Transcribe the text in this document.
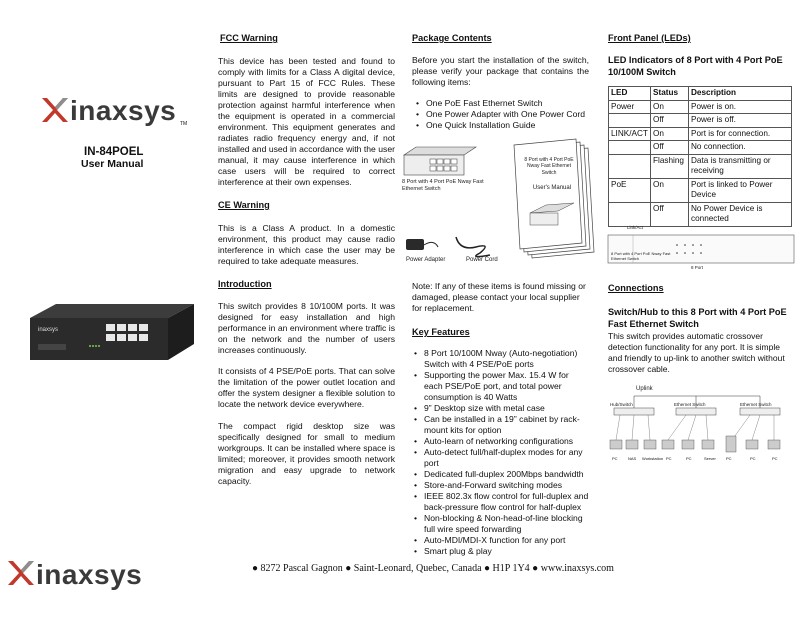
inaxsys TM
IN-84POEL
User Manual
inaxsys
FCC Warning

This device has been tested and found to comply with limits for a Class A digital device, pursuant to Part 15 of FCC Rules. These limits are designed to provide reasonable protection against harmful interference when the equipment is operated in a commercial environment. This equipment generates and radiates radio frequency energy and, if not installed and used in accordance with the user manual, it may cause interference in which case users will be required to correct interference at their own expenses.

CE Warning

This is a Class A product. In a domestic environment, this product may cause radio interference in which case the user may be required to take adequate measures.

Introduction

This switch provides 8 10/100M ports. It was designed for easy installation and high performance in an environment where traffic is on the network and the number of users increases continuously.

It consists of 4 PSE/PoE ports. That can solve the limitation of the power outlet location and offer the system designer a flexible solution to locate the network device everywhere.

The compact rigid desktop size was specifically designed for small to medium workgroups. It can be installed where space is limited; moreover, it provides smooth network migration and easy upgrade to network capacity.

Package Contents

Before you start the installation of the switch, please verify your package that contains the following items:

• One PoE Fast Ethernet Switch
• One Power Adapter with One Power Cord
• One Quick Installation Guide
8 Port with 4 Port PoE Nway Fast Ethernet Switch
8 Port with 4 Port PoE Nway Fast Ethernet Switch
User's Manual
Power Adapter	Power Cord

Note: If any of these items is found missing or damaged, please contact your local supplier for replacement.

Key Features
• 8 Port 10/100M Nway (Auto-negotiation) Switch with 4 PSE/PoE ports
• Supporting the power Max. 15.4 W for each PSE/PoE port, and total power consumption is 40 Watts
• 9” Desktop size with metal case
• Can be installed in a 19” cabinet by rack-mount kits for option
• Auto-learn of networking configurations
• Auto-detect full/half-duplex modes for any port
• Dedicated full-duplex 200Mbps bandwidth
• Store-and-Forward switching modes
• IEEE 802.3x flow control for full-duplex and back-pressure flow control for half-duplex
• Non-blocking & Non-head-of-line blocking full wire speed forwarding
• Auto-MDI/MDI-X function for any port
• Smart plug & play
Front Panel (LEDs)
LED Indicators of 8 Port with 4 Port PoE 10/100M Switch
LED	Status	Description
Power	On	Power is on.
	Off	Power is off.
LINK/ACT	On	Port is for connection.
	Off	No connection.
	Flashing	Data is transmitting or receiving
PoE	On	Port is linked to Power Device
	Off	No Power Device is connected
Link/Act
8 Port with 4 Port PoE Nway Fast Ethernet Switch
8 Port
Connections
Switch/Hub to this 8 Port with 4 Port PoE Fast Ethernet Switch

This switch provides automatic crossover detection functionality for any port. It is simple and friendly to up-link to another switch without crossover cable.

Uplink
Hub/Switch	Ethernet Switch	Ethernet Switch
PC	NAS Workstation PC	PC	Server	PC	PC	PC
inaxsys	● 8272 Pascal Gagnon ● Saint-Leonard, Quebec, Canada ● H1P 1Y4 ● www.inaxsys.com
